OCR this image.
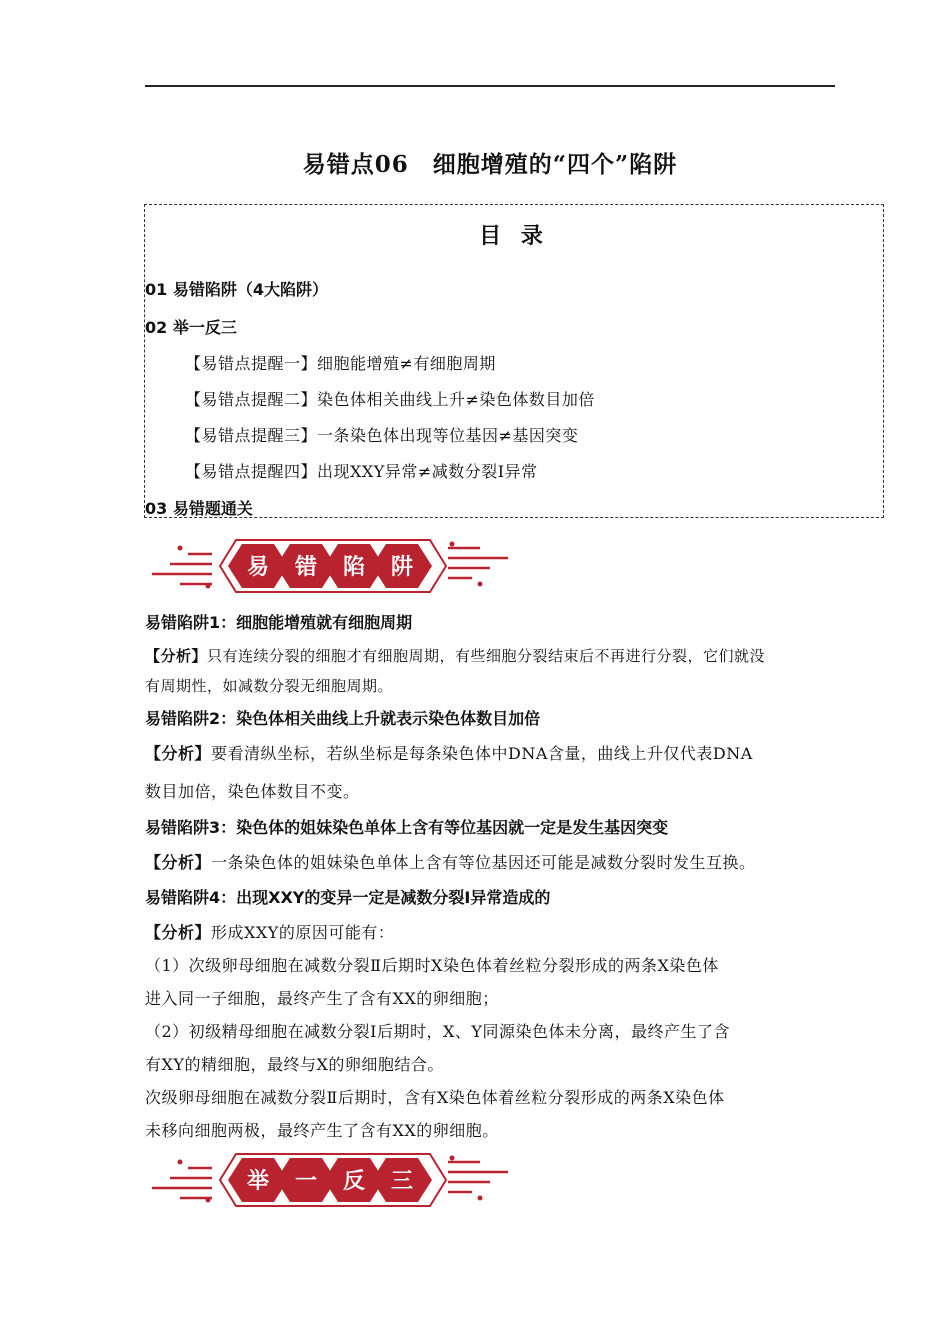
易错点06　细胞增殖的“四个”陷阱
目 录
01 易错陷阱（4大陷阱）
02 举一反三
【易错点提醒一】细胞能增殖≠有细胞周期
【易错点提醒二】染色体相关曲线上升≠染色体数目加倍
【易错点提醒三】一条染色体出现等位基因≠基因突变
【易错点提醒四】出现XXY异常≠减数分裂Ⅰ异常
03 易错题通关
易 错 陷 阱
易错陷阱1：细胞能增殖就有细胞周期
【分析】只有连续分裂的细胞才有细胞周期，有些细胞分裂结束后不再进行分裂，它们就没
有周期性，如减数分裂无细胞周期。
易错陷阱2：染色体相关曲线上升就表示染色体数目加倍
【分析】要看清纵坐标，若纵坐标是每条染色体中DNA含量，曲线上升仅代表DNA
数目加倍，染色体数目不变。
易错陷阱3：染色体的姐妹染色单体上含有等位基因就一定是发生基因突变
【分析】一条染色体的姐妹染色单体上含有等位基因还可能是减数分裂时发生互换。
易错陷阱4：出现XXY的变异一定是减数分裂Ⅰ异常造成的
【分析】形成XXY的原因可能有：
（1）次级卵母细胞在减数分裂Ⅱ后期时X染色体着丝粒分裂形成的两条X染色体
进入同一子细胞，最终产生了含有XX的卵细胞；
（2）初级精母细胞在减数分裂Ⅰ后期时，X、Y同源染色体未分离，最终产生了含
有XY的精细胞，最终与X的卵细胞结合。
次级卵母细胞在减数分裂Ⅱ后期时，含有X染色体着丝粒分裂形成的两条X染色体
未移向细胞两极，最终产生了含有XX的卵细胞。
举 一 反 三
